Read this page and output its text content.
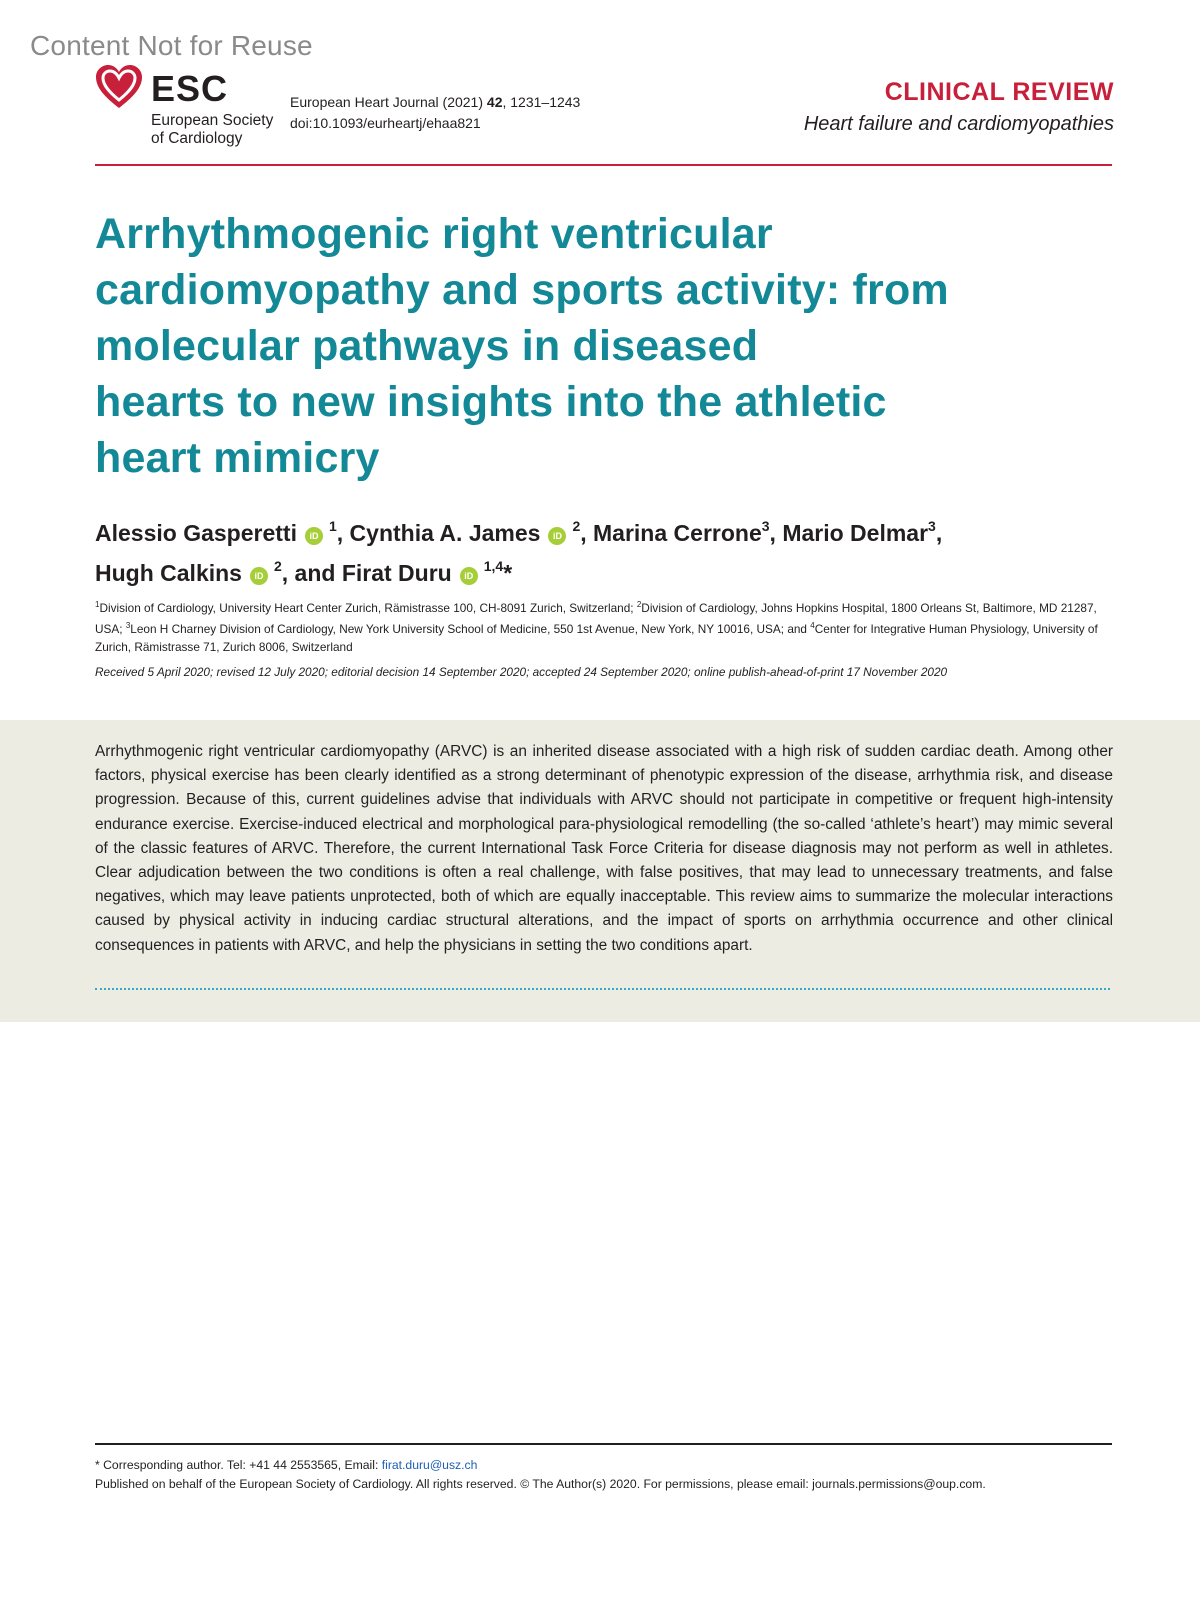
Content Not for Reuse
ESC
European Society
of Cardiology
European Heart Journal (2021) 42, 1231–1243
doi:10.1093/eurheartj/ehaa821
CLINICAL REVIEW
Heart failure and cardiomyopathies
Arrhythmogenic right ventricular
cardiomyopathy and sports activity: from
molecular pathways in diseased
hearts to new insights into the athletic
heart mimicry
Alessio Gasperetti $iD^1$, Cynthia A. James $iD^2$, Marina Cerrone$^3$, Mario Delmar$^3$,
Hugh Calkins $iD^2$, and Firat Duru iD$^{1,4}$*
$^1$Division of Cardiology, University Heart Center Zurich, Rämistrasse 100, CH-8091 Zurich, Switzerland; $^2$Division of Cardiology, Johns Hopkins Hospital, 1800 Orleans St, Baltimore, MD 21287, USA; $^3$Leon H Charney Division of Cardiology, New York University School of Medicine, 550 1st Avenue, New York, NY 10016, USA; and $^4$Center for Integrative Human Physiology, University of Zurich, Rämistrasse 71, Zurich 8006, Switzerland
Received 5 April 2020; revised 12 July 2020; editorial decision 14 September 2020; accepted 24 September 2020; online publish-ahead-of-print 17 November 2020
Arrhythmogenic right ventricular cardiomyopathy (ARVC) is an inherited disease associated with a high risk of sudden cardiac death. Among other factors, physical exercise has been clearly identified as a strong determinant of phenotypic expression of the disease, arrhythmia risk, and disease progression. Because of this, current guidelines advise that individuals with ARVC should not participate in competitive or frequent high-intensity endurance exercise. Exercise-induced electrical and morphological para-physiological remodelling (the so-called ‘athlete’s heart’) may mimic several of the classic features of ARVC. Therefore, the current International Task Force Criteria for disease diagnosis may not perform as well in athletes. Clear adjudication between the two conditions is often a real challenge, with false positives, that may lead to unnecessary treatments, and false negatives, which may leave patients unprotected, both of which are equally inacceptable. This review aims to summarize the molecular interactions caused by physical activity in inducing cardiac structural alterations, and the impact of sports on arrhythmia occurrence and other clinical consequences in patients with ARVC, and help the physicians in setting the two conditions apart.
* Corresponding author. Tel: +41 44 2553565, Email: firat.duru@usz.ch
Published on behalf of the European Society of Cardiology. All rights reserved. © The Author(s) 2020. For permissions, please email: journals.permissions@oup.com.
